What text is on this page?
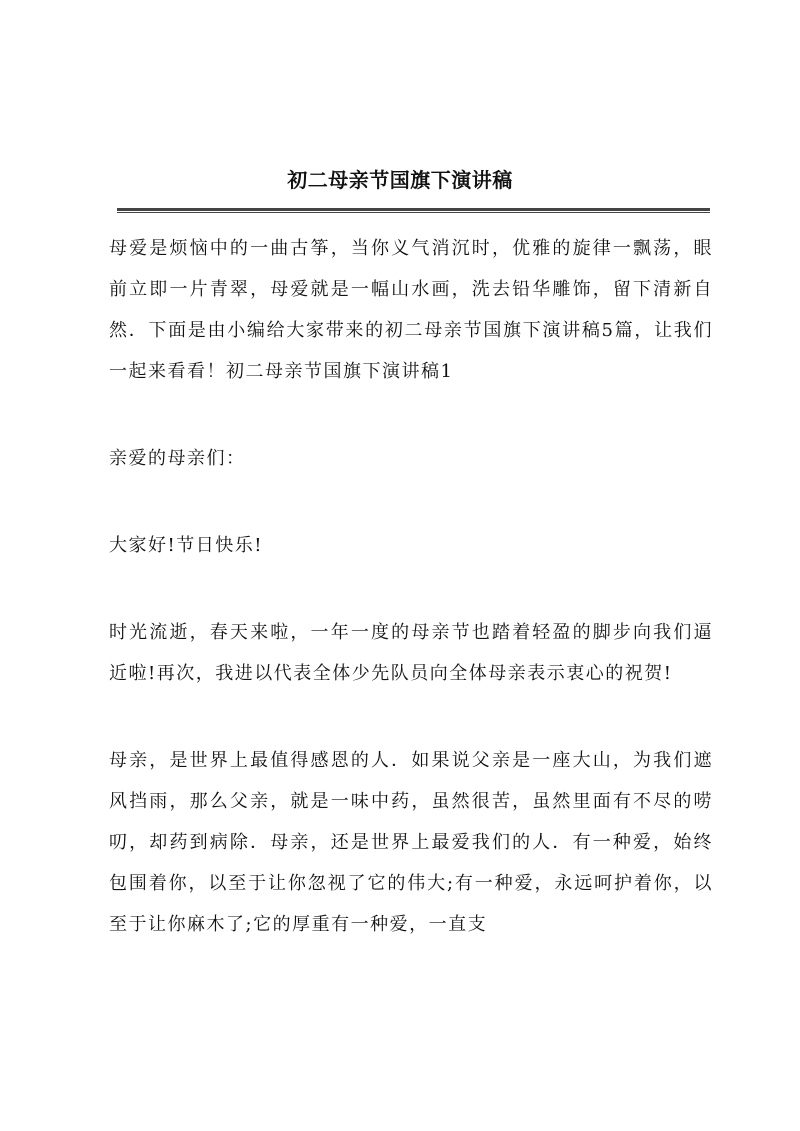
初二母亲节国旗下演讲稿

母爱是烦恼中的一曲古筝，当你义气消沉时，优雅的旋律一飘荡，眼前立即一片青翠，母爱就是一幅山水画，洗去铅华雕饰，留下清新自然．下面是由小编给大家带来的初二母亲节国旗下演讲稿5篇，让我们一起来看看！初二母亲节国旗下演讲稿1

亲爱的母亲们：

大家好!节日快乐!

时光流逝，春天来啦，一年一度的母亲节也踏着轻盈的脚步向我们逼近啦!再次，我进以代表全体少先队员向全体母亲表示衷心的祝贺!

母亲，是世界上最值得感恩的人．如果说父亲是一座大山，为我们遮风挡雨，那么父亲，就是一味中药，虽然很苦，虽然里面有不尽的唠叨，却药到病除．母亲，还是世界上最爱我们的人．有一种爱，始终包围着你，以至于让你忽视了它的伟大;有一种爱，永远呵护着你，以至于让你麻木了;它的厚重有一种爱，一直支
